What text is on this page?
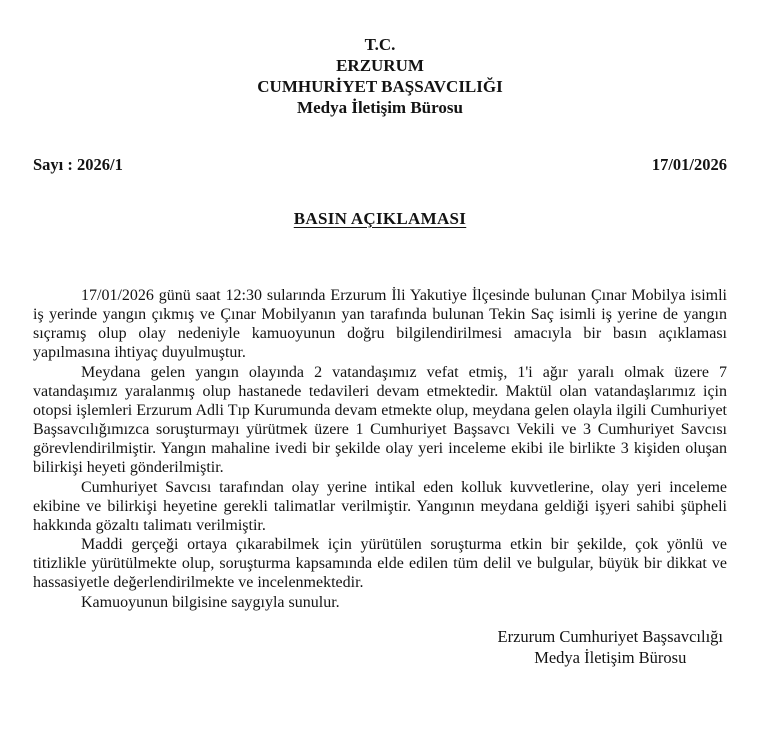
T.C.
ERZURUM
CUMHURİYET BAŞSAVCILIĞI
Medya İletişim Bürosu
Sayı : 2026/1	17/01/2026
BASIN AÇIKLAMASI

17/01/2026 günü saat 12:30 sularında Erzurum İli Yakutiye İlçesinde bulunan Çınar Mobilya isimli iş yerinde yangın çıkmış ve Çınar Mobilyanın yan tarafında bulunan Tekin Saç isimli iş yerine de yangın sıçramış olup olay nedeniyle kamuoyunun doğru bilgilendirilmesi amacıyla bir basın açıklaması yapılmasına ihtiyaç duyulmuştur.

Meydana gelen yangın olayında 2 vatandaşımız vefat etmiş, 1'i ağır yaralı olmak üzere 7 vatandaşımız yaralanmış olup hastanede tedavileri devam etmektedir. Maktül olan vatandaşlarımız için otopsi işlemleri Erzurum Adli Tıp Kurumunda devam etmekte olup, meydana gelen olayla ilgili Cumhuriyet Başsavcılığımızca soruşturmayı yürütmek üzere 1 Cumhuriyet Başsavcı Vekili ve 3 Cumhuriyet Savcısı görevlendirilmiştir. Yangın mahaline ivedi bir şekilde olay yeri inceleme ekibi ile birlikte 3 kişiden oluşan bilirkişi heyeti gönderilmiştir.

Cumhuriyet Savcısı tarafından olay yerine intikal eden kolluk kuvvetlerine, olay yeri inceleme ekibine ve bilirkişi heyetine gerekli talimatlar verilmiştir. Yangının meydana geldiği işyeri sahibi şüpheli hakkında gözaltı talimatı verilmiştir.

Maddi gerçeği ortaya çıkarabilmek için yürütülen soruşturma etkin bir şekilde, çok yönlü ve titizlikle yürütülmekte olup, soruşturma kapsamında elde edilen tüm delil ve bulgular, büyük bir dikkat ve hassasiyetle değerlendirilmekte ve incelenmektedir.

Kamuoyunun bilgisine saygıyla sunulur.

Erzurum Cumhuriyet Başsavcılığı
Medya İletişim Bürosu
